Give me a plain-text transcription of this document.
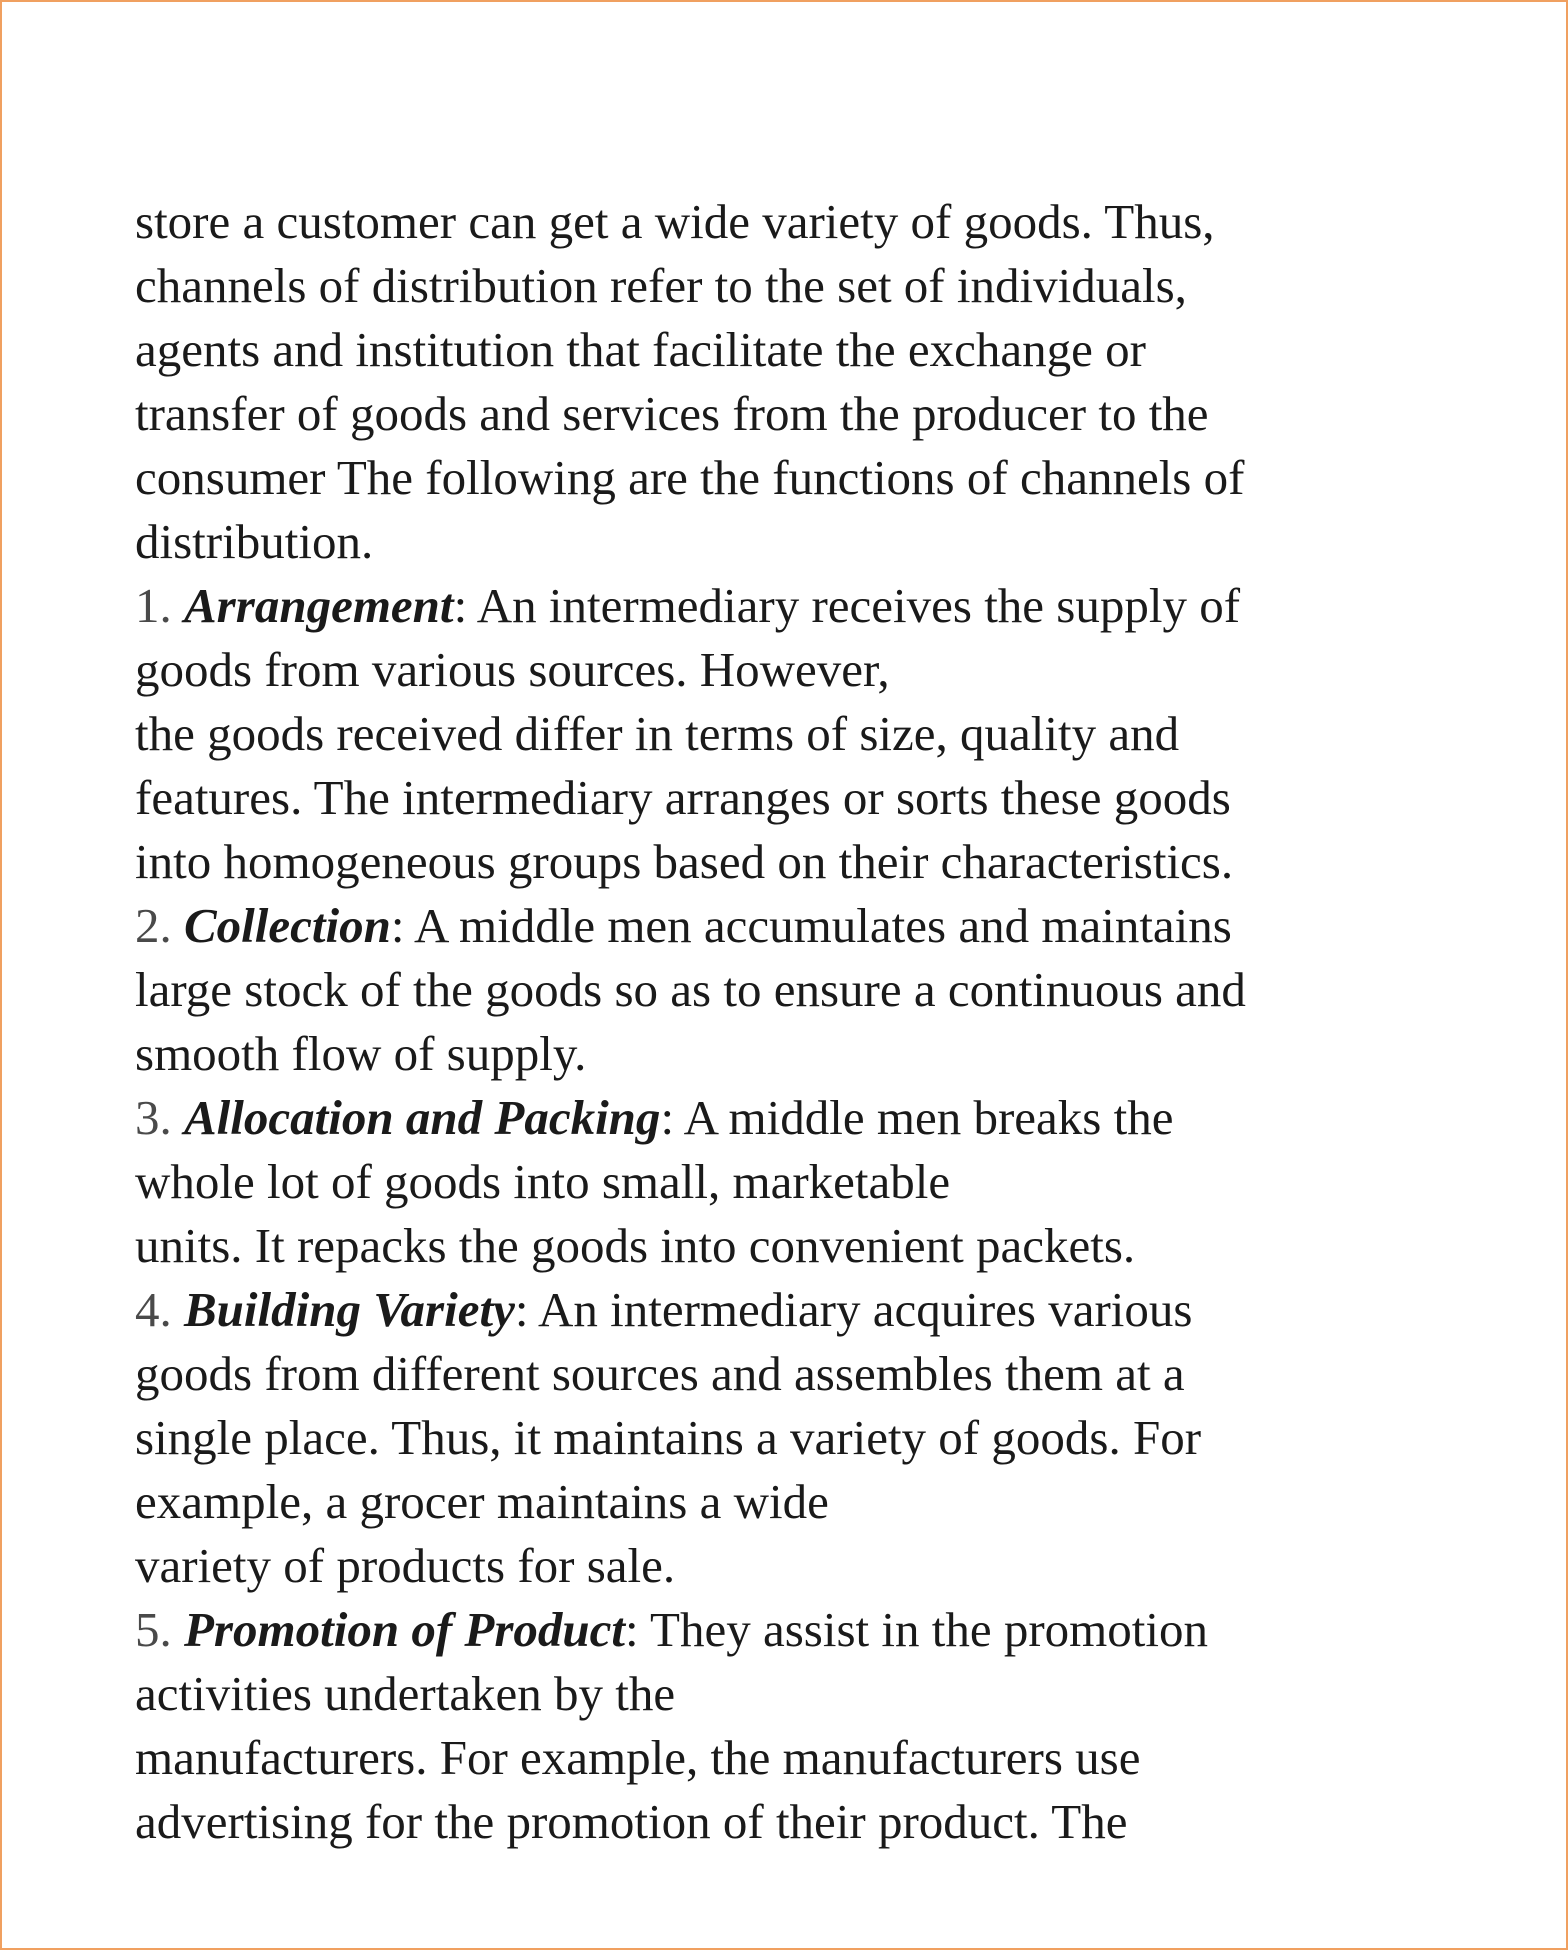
store a customer can get a wide variety of goods. Thus,
channels of distribution refer to the set of individuals,
agents and institution that facilitate the exchange or
transfer of goods and services from the producer to the
consumer The following are the functions of channels of
distribution.
1. Arrangement: An intermediary receives the supply of
goods from various sources. However,
the goods received differ in terms of size, quality and
features. The intermediary arranges or sorts these goods
into homogeneous groups based on their characteristics.
2. Collection: A middle men accumulates and maintains
large stock of the goods so as to ensure a continuous and
smooth flow of supply.
3. Allocation and Packing: A middle men breaks the
whole lot of goods into small, marketable
units. It repacks the goods into convenient packets.
4. Building Variety: An intermediary acquires various
goods from different sources and assembles them at a
single place. Thus, it maintains a variety of goods. For
example, a grocer maintains a wide
variety of products for sale.
5. Promotion of Product: They assist in the promotion
activities undertaken by the
manufacturers. For example, the manufacturers use
advertising for the promotion of their product. The
